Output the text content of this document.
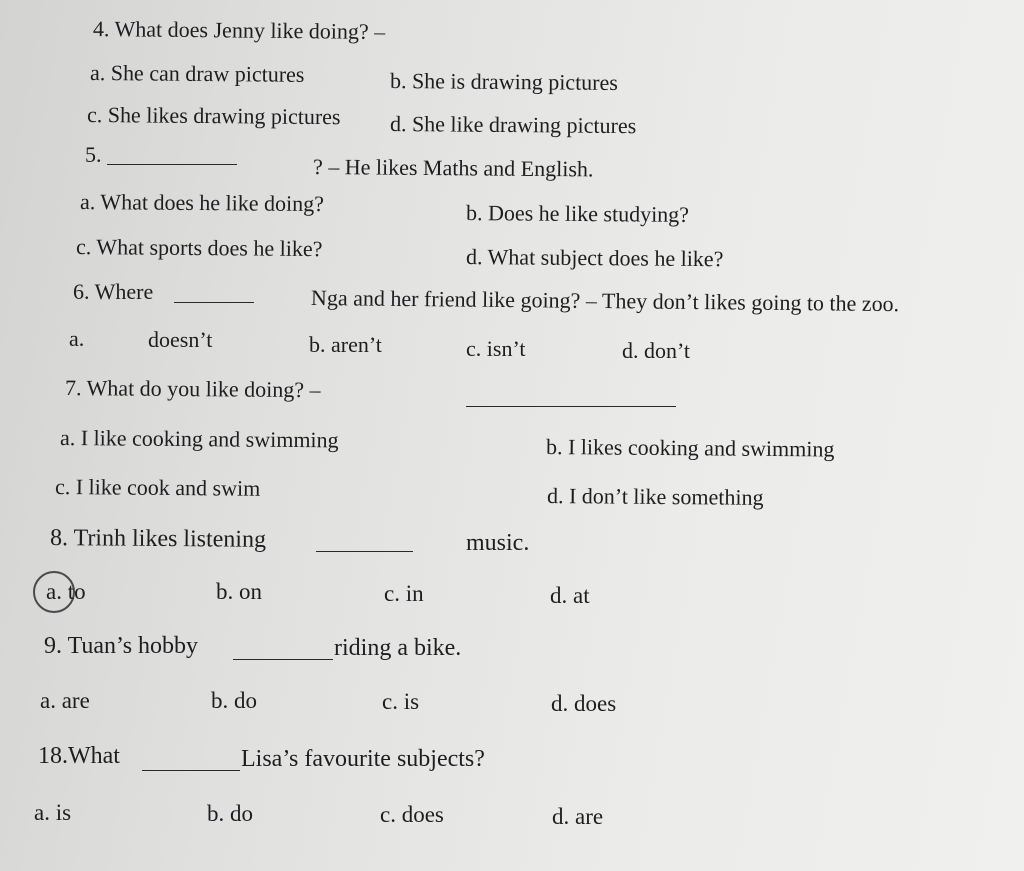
4. What does Jenny like doing? –
a. She can draw pictures	b. She is drawing pictures
c. She likes drawing pictures d. She like drawing pictures
5.	? – He likes Maths and English.
a. What does he like doing?	b. Does he like studying?
c. What sports does he like?	d. What subject does he like?
6. Where	Nga and her friend like going? – They don’t likes going to the zoo.
a.	doesn’t	b. aren’t	c. isn’t	d. don’t
7. What do you like doing? –
a. I like cooking and swimming	b. I likes cooking and swimming
c. I like cook and swim	d. I don’t like something
8. Trinh likes listening	music.
a. to	b. on	c. in	d. at
9. Tuan’s hobby	riding a bike.
a. are	b. do	c. is	d. does
18.What	Lisa’s favourite subjects?
a. is	b. do	c. does	d. are
